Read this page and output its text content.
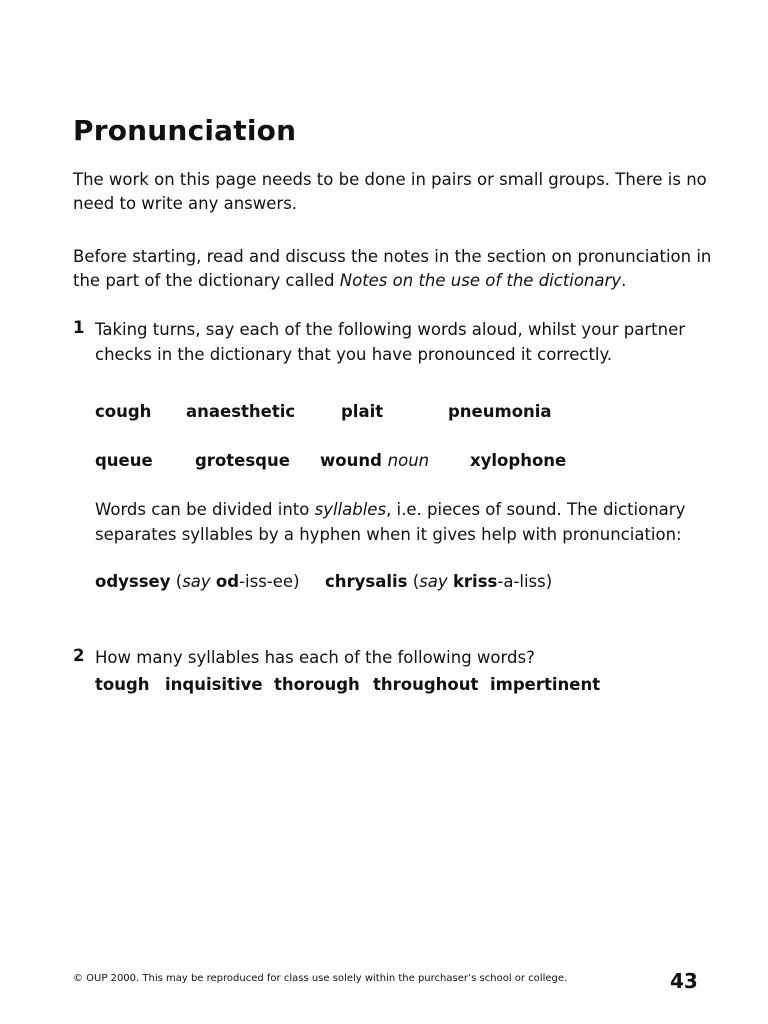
Pronunciation

The work on this page needs to be done in pairs or small groups. There is no need to write any answers.

Before starting, read and discuss the notes in the section on pronunciation in the part of the dictionary called Notes on the use of the dictionary.

1 Taking turns, say each of the following words aloud, whilst your partner checks in the dictionary that you have pronounced it correctly.

cough anaesthetic	plait	pneumonia
queue	grotesque wound noun xylophone

Words can be divided into syllables, i.e. pieces of sound. The dictionary separates syllables by a hyphen when it gives help with pronunciation:

odyssey (say od-iss-ee) chrysalis (say kriss-a-liss)
2 How many syllables has each of the following words?

tough inquisitive thorough throughout impertinent
© OUP 2000. This may be reproduced for class use solely within the purchaser’s school or college.	43
